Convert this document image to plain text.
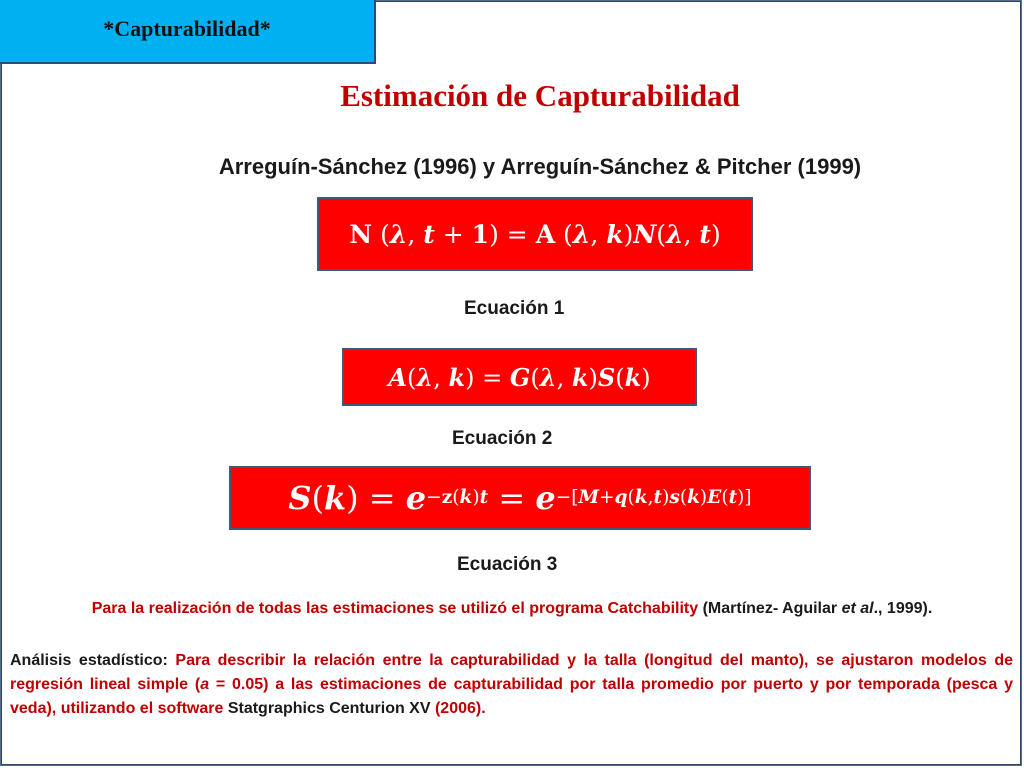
*Capturabilidad*
Estimación de Capturabilidad
Arreguín-Sánchez (1996) y Arreguín-Sánchez & Pitcher (1999)
N (λ, t + 1) = A (λ, k)N(λ, t)
Ecuación 1
A(λ, k) = G(λ, k)S(k)
Ecuación 2
$S(k) = e^{-z(k)t} = e^{-[M+q(k,t)s(k)E(t)]}$
Ecuación 3
Para la realización de todas las estimaciones se utilizó el programa Catchability (Martínez- Aguilar et al., 1999).
Análisis estadístico: Para describir la relación entre la capturabilidad y la talla (longitud del manto), se ajustaron modelos de regresión lineal simple (a = 0.05) a las estimaciones de capturabilidad por talla promedio por puerto y por temporada (pesca y veda), utilizando el software Statgraphics Centurion XV (2006).
